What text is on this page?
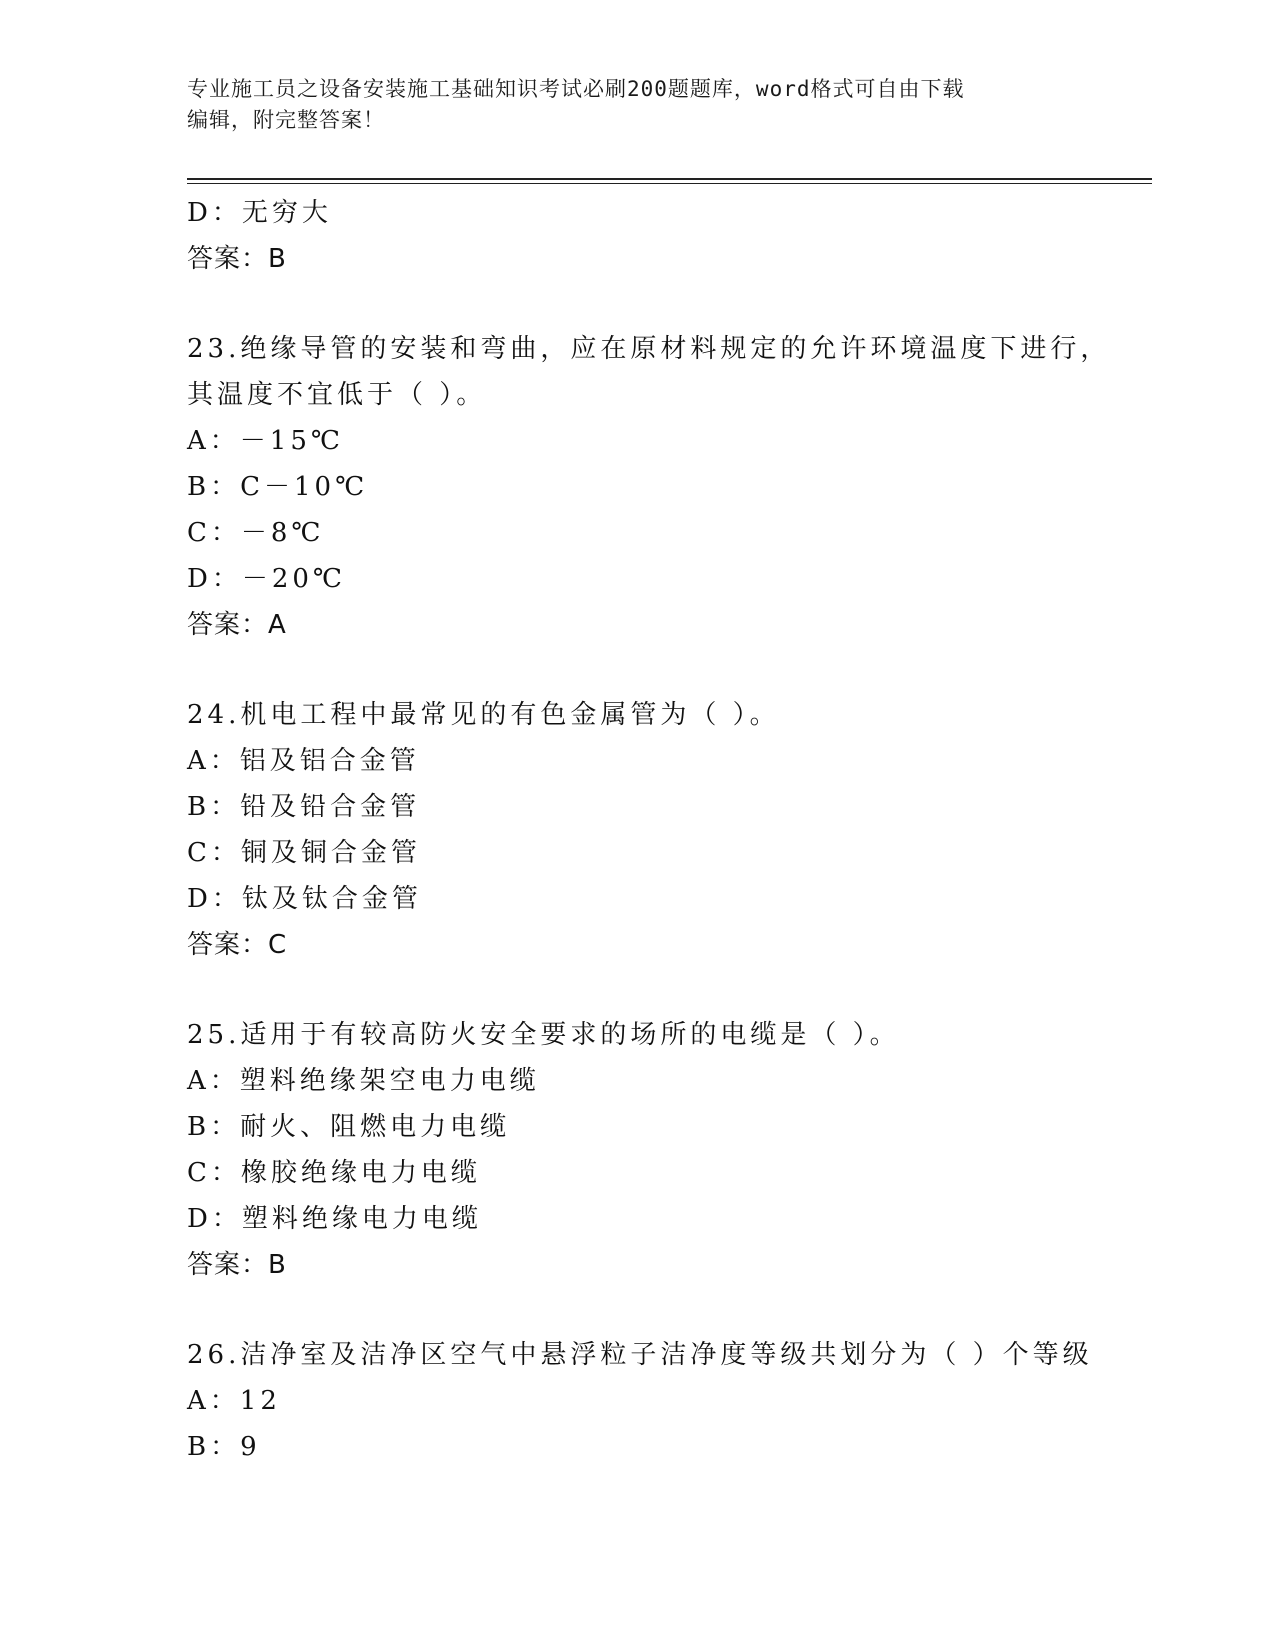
专业施工员之设备安装施工基础知识考试必刷200题题库，word格式可自由下载
编辑，附完整答案！
D：无穷大
答案：B
23.绝缘导管的安装和弯曲，应在原材料规定的允许环境温度下进行，
其温度不宜低于（ ）。
A：－15℃
B：C－10℃
C：－8℃
D：－20℃
答案：A
24.机电工程中最常见的有色金属管为（ ）。
A：铝及铝合金管
B：铅及铅合金管
C：铜及铜合金管
D：钛及钛合金管
答案：C
25.适用于有较高防火安全要求的场所的电缆是（ ）。
A：塑料绝缘架空电力电缆
B：耐火、阻燃电力电缆
C：橡胶绝缘电力电缆
D：塑料绝缘电力电缆
答案：B
26.洁净室及洁净区空气中悬浮粒子洁净度等级共划分为（ ）个等级
A：12
B：9
